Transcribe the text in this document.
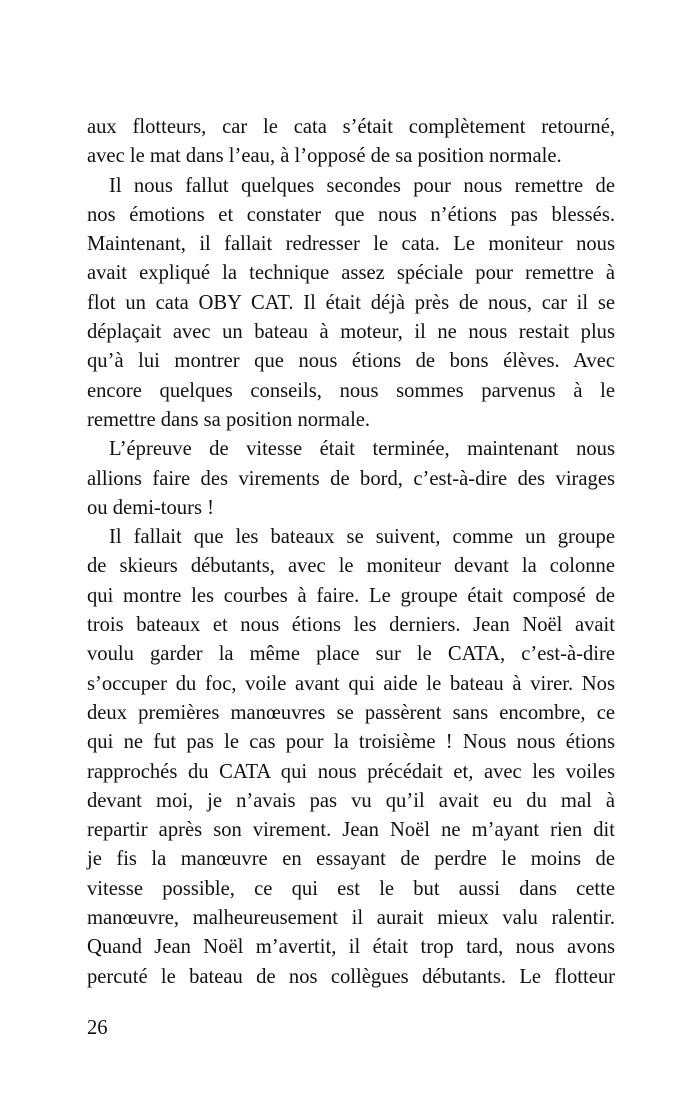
aux flotteurs, car le cata s’était complètement retourné,
avec le mat dans l’eau, à l’opposé de sa position normale.
Il nous fallut quelques secondes pour nous remettre de
nos émotions et constater que nous n’étions pas blessés.
Maintenant, il fallait redresser le cata. Le moniteur nous
avait expliqué la technique assez spéciale pour remettre à
flot un cata OBY CAT. Il était déjà près de nous, car il se
déplaçait avec un bateau à moteur, il ne nous restait plus
qu’à lui montrer que nous étions de bons élèves. Avec
encore quelques conseils, nous sommes parvenus à le
remettre dans sa position normale.
L’épreuve de vitesse était terminée, maintenant nous
allions faire des virements de bord, c’est-à-dire des virages
ou demi-tours !
Il fallait que les bateaux se suivent, comme un groupe
de skieurs débutants, avec le moniteur devant la colonne
qui montre les courbes à faire. Le groupe était composé de
trois bateaux et nous étions les derniers. Jean Noël avait
voulu garder la même place sur le CATA, c’est-à-dire
s’occuper du foc, voile avant qui aide le bateau à virer. Nos
deux premières manœuvres se passèrent sans encombre, ce
qui ne fut pas le cas pour la troisième ! Nous nous étions
rapprochés du CATA qui nous précédait et, avec les voiles
devant moi, je n’avais pas vu qu’il avait eu du mal à
repartir après son virement. Jean Noël ne m’ayant rien dit
je fis la manœuvre en essayant de perdre le moins de
vitesse possible, ce qui est le but aussi dans cette
manœuvre, malheureusement il aurait mieux valu ralentir.
Quand Jean Noël m’avertit, il était trop tard, nous avons
percuté le bateau de nos collègues débutants. Le flotteur
26
